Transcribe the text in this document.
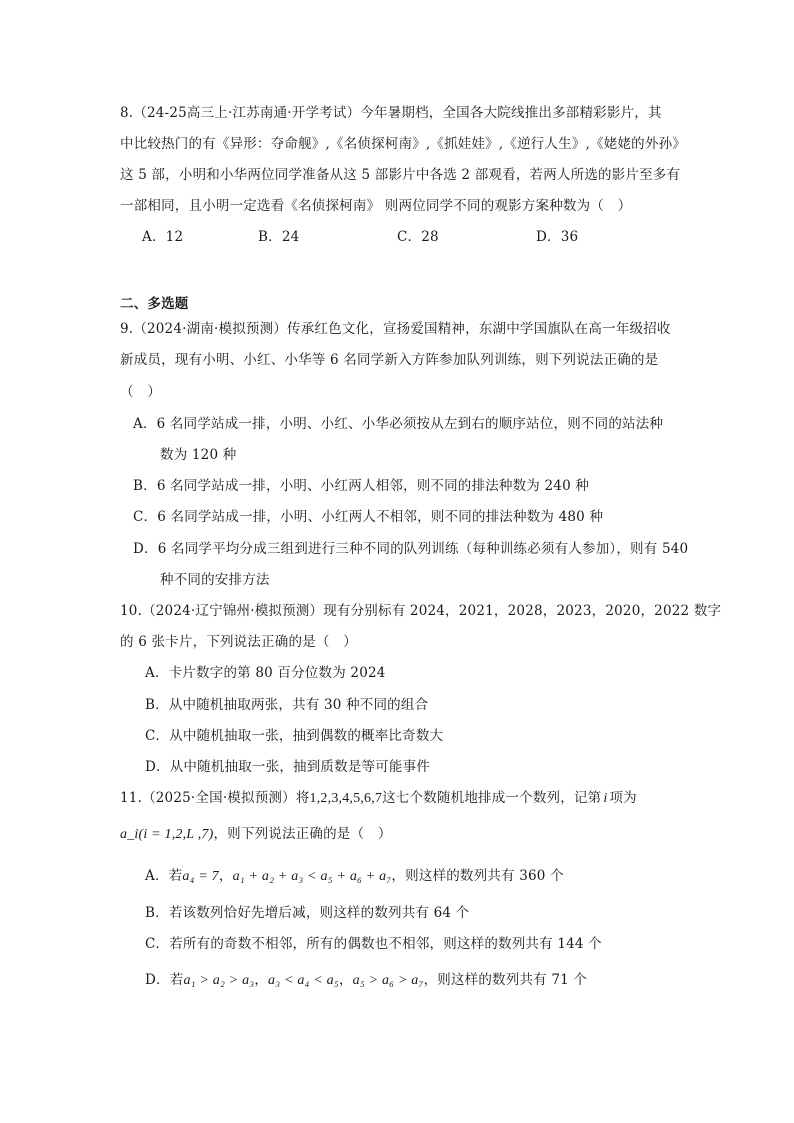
8.（24-25高三上·江苏南通·开学考试）今年暑期档，全国各大院线推出多部精彩影片，其
中比较热门的有《异形：夺命舰》,《名侦探柯南》,《抓娃娃》,《逆行人生》,《姥姥的外孙》
这 5 部，小明和小华两位同学准备从这 5 部影片中各选 2 部观看，若两人所选的影片至多有
一部相同，且小明一定选看《名侦探柯南》 则两位同学不同的观影方案种数为（　）
A．12	B．24	C．28	D．36
二、多选题
9.（2024·湖南·模拟预测）传承红色文化，宣扬爱国精神，东湖中学国旗队在高一年级招收
新成员，现有小明、小红、小华等 6 名同学新入方阵参加队列训练，则下列说法正确的是
（　）
A．6 名同学站成一排，小明、小红、小华必须按从左到右的顺序站位，则不同的站法种
数为 120 种
B．6 名同学站成一排，小明、小红两人相邻，则不同的排法种数为 240 种
C．6 名同学站成一排，小明、小红两人不相邻，则不同的排法种数为 480 种
D．6 名同学平均分成三组到进行三种不同的队列训练（每种训练必须有人参加），则有 540
种不同的安排方法
10.（2024·辽宁锦州·模拟预测）现有分别标有 2024，2021，2028，2023，2020，2022 数字
的 6 张卡片，下列说法正确的是（　）
A．卡片数字的第 80 百分位数为 2024
B．从中随机抽取两张，共有 30 种不同的组合
C．从中随机抽取一张，抽到偶数的概率比奇数大
D．从中随机抽取一张，抽到质数是等可能事件
11.（2025·全国·模拟预测）将1,2,3,4,5,6,7这七个数随机地排成一个数列，记第 i 项为
a_i(i = 1,2,L ,7)，则下列说法正确的是（　）
A．若a₄ = 7，a₁ + a₂ + a₃ < a₅ + a₆ + a₇，则这样的数列共有 360 个
B．若该数列恰好先增后减，则这样的数列共有 64 个
C．若所有的奇数不相邻，所有的偶数也不相邻，则这样的数列共有 144 个
D．若a₁ > a₂ > a₃，a₃ < a₄ < a₅，a₅ > a₆ > a₇，则这样的数列共有 71 个
